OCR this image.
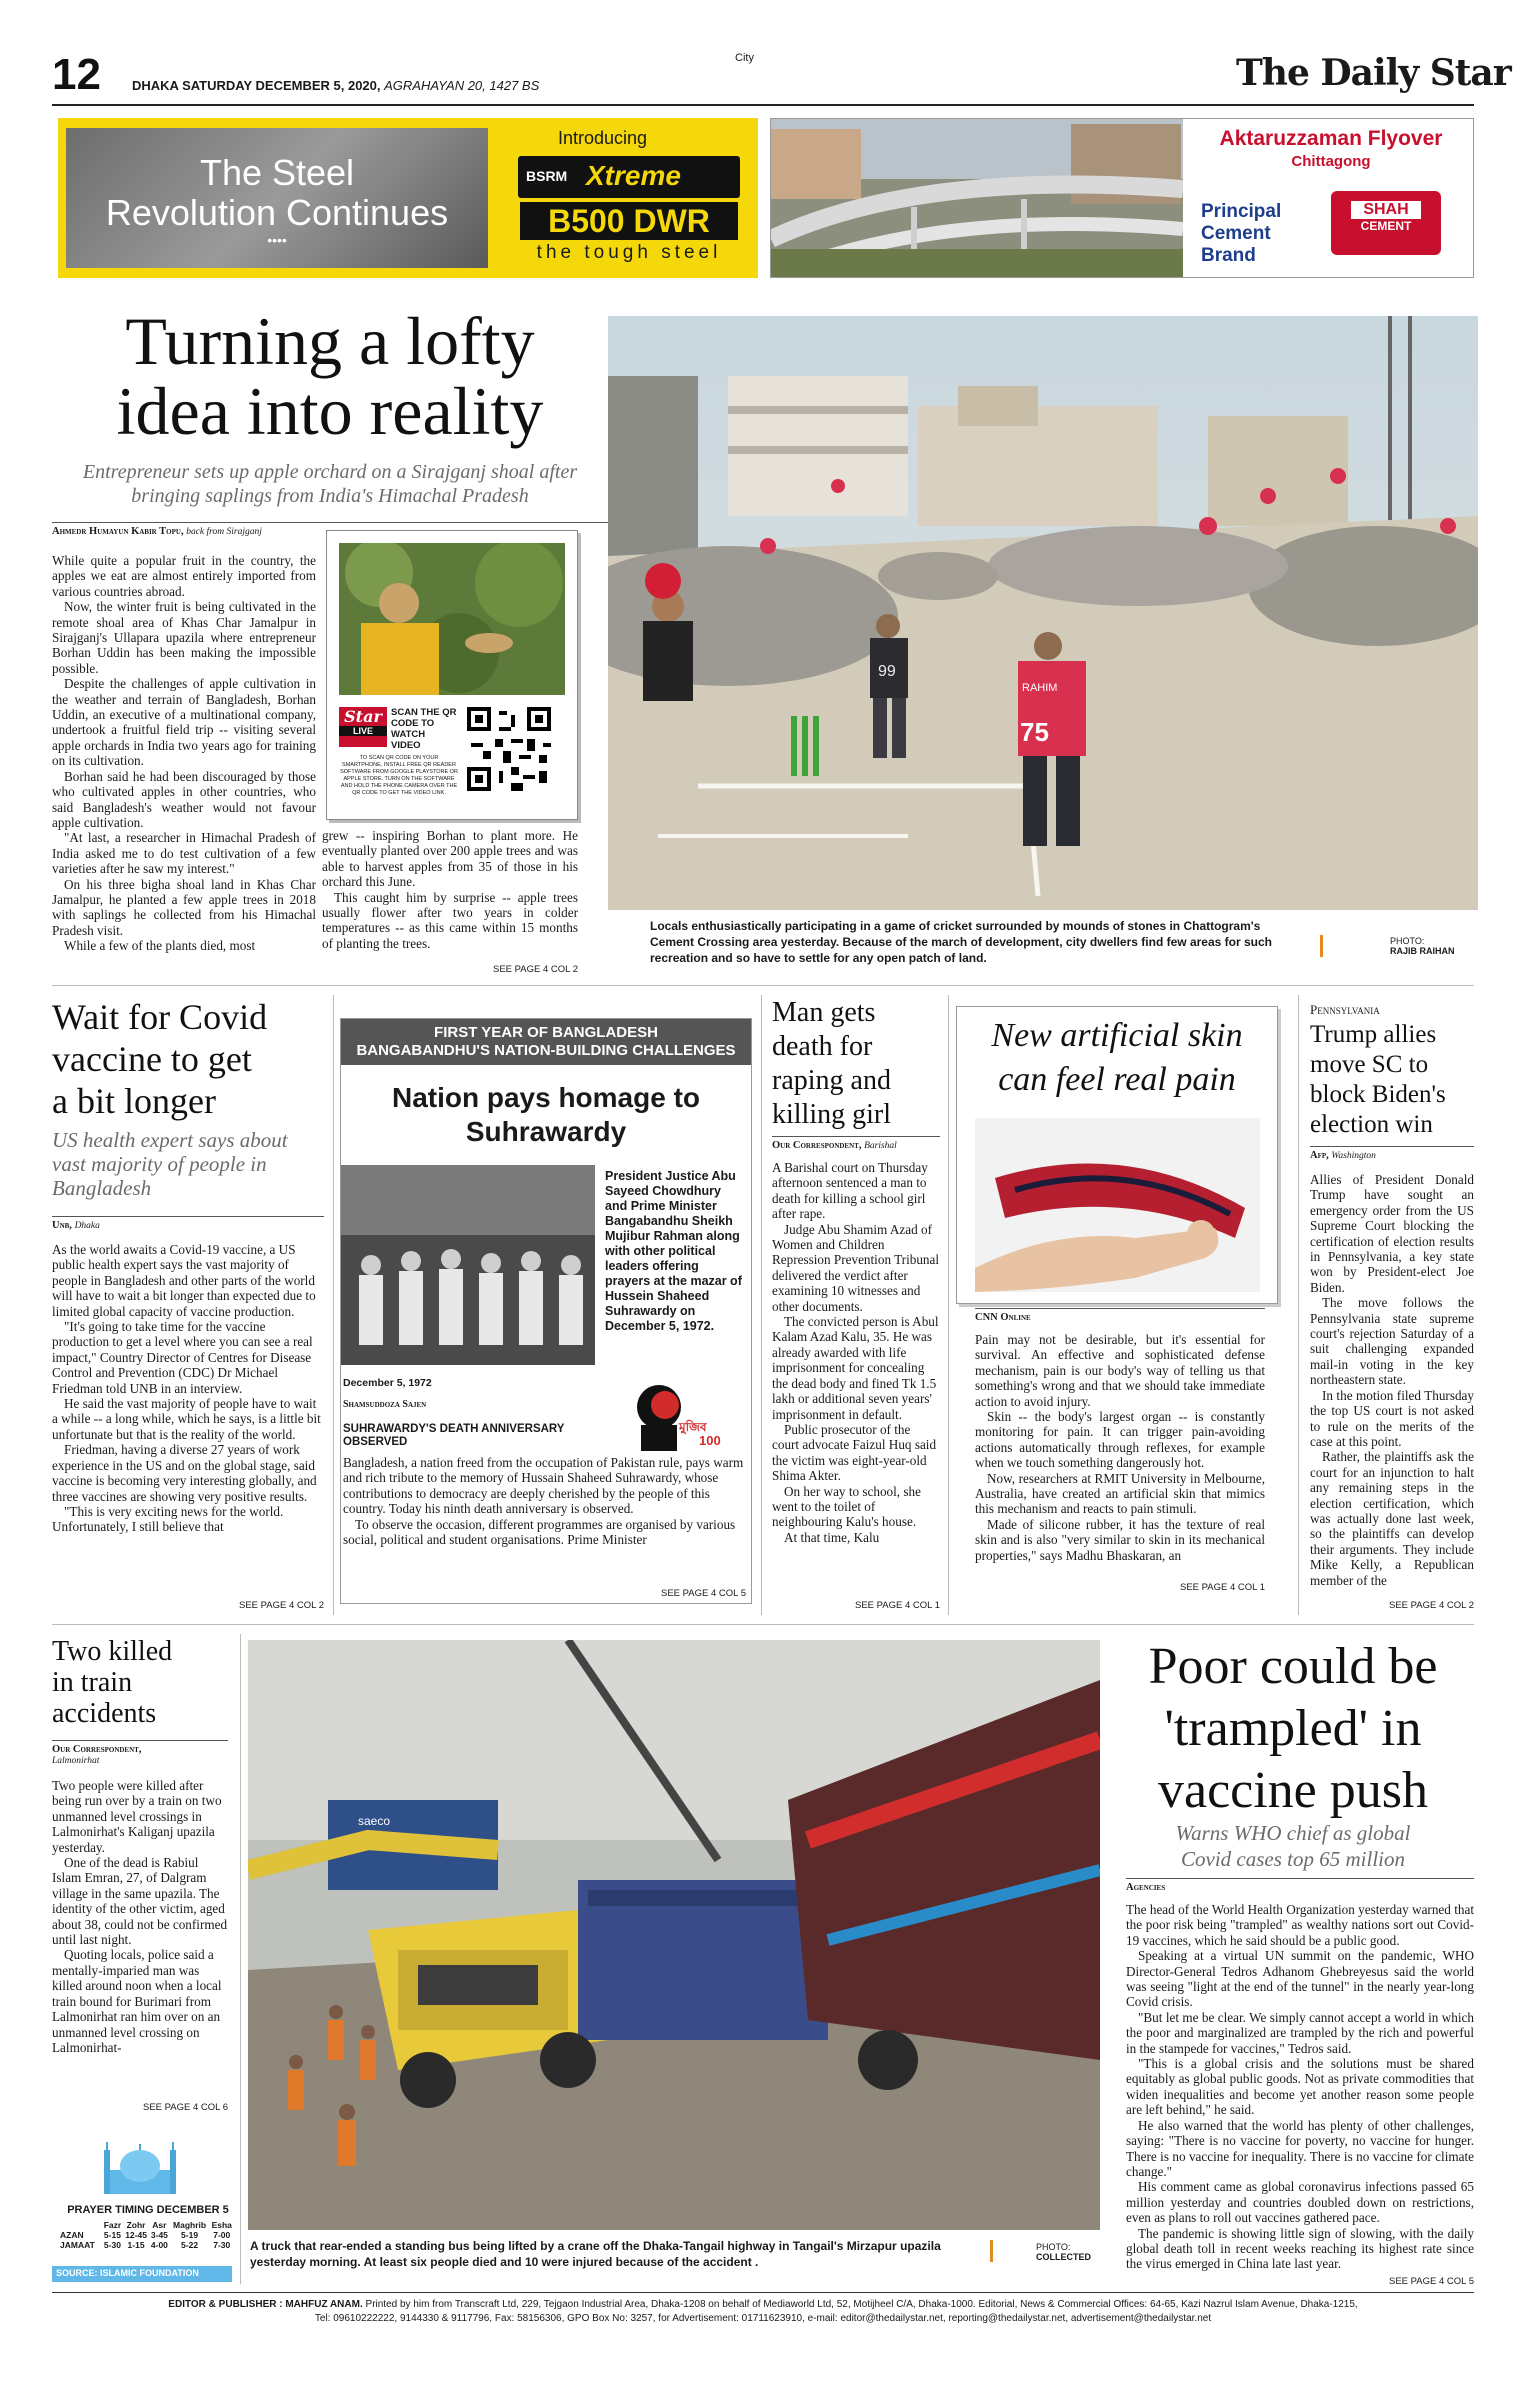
12 DHAKA SATURDAY DECEMBER 5, 2020, AGRAHAYAN 20, 1427 BS
City	The Daily Star
The Steel
Revolution Continues
••••
Introducing
BSRM Xtreme
B500 DWR
the tough steel
Aktaruzzaman Flyover
Chittagong
Principal
Cement
Brand
SHAH
CEMENT
Turning a lofty
idea into reality
Entrepreneur sets up apple orchard on a Sirajganj shoal after bringing saplings from India's Himachal Pradesh
Ahmedr Humayun Kabir Topu, back from Sirajganj

While quite a popular fruit in the country, the apples we eat are almost entirely imported from various countries abroad.

Now, the winter fruit is being cultivated in the remote shoal area of Khas Char Jamalpur in Sirajganj's Ullapara upazila where entrepreneur Borhan Uddin has been making the impossible possible.

Despite the challenges of apple cultivation in the weather and terrain of Bangladesh, Borhan Uddin, an executive of a multinational company, undertook a fruitful field trip -- visiting several apple orchards in India two years ago for training on its cultivation.

Borhan said he had been discouraged by those who cultivated apples in other countries, who said Bangladesh's weather would not favour apple cultivation.

"At last, a researcher in Himachal Pradesh of India asked me to do test cultivation of a few varieties after he saw my interest."

On his three bigha shoal land in Khas Char Jamalpur, he planted a few apple trees in 2018 with saplings he collected from his Himachal Pradesh visit.

While a few of the plants died, most

Star
LIVE
SCAN THE QR CODE TO WATCH VIDEO
TO SCAN QR CODE ON YOUR SMARTPHONE, INSTALL FREE QR READER SOFTWARE FROM GOOGLE PLAYSTORE OR APPLE STORE. TURN ON THE SOFTWARE AND HOLD THE PHONE CAMERA OVER THE QR CODE TO GET THE VIDEO LINK.

grew -- inspiring Borhan to plant more. He eventually planted over 200 apple trees and was able to harvest apples from 35 of those in his orchard this June.

This caught him by surprise -- apple trees usually flower after two years in colder temperatures -- as this came within 15 months of planting the trees.

SEE PAGE 4 COL 2
99
75
RAHIM
Locals enthusiastically participating in a game of cricket surrounded by mounds of stones in Chattogram's Cement Crossing area yesterday. Because of the march of development, city dwellers find few areas for such recreation and so have to settle for any open patch of land.
PHOTO:
RAJIB RAIHAN
Wait for Covid
vaccine to get
a bit longer
US health expert says about vast majority of people in Bangladesh
Unb, Dhaka

As the world awaits a Covid-19 vaccine, a US public health expert says the vast majority of people in Bangladesh and other parts of the world will have to wait a bit longer than expected due to limited global capacity of vaccine production.

"It's going to take time for the vaccine production to get a level where you can see a real impact," Country Director of Centres for Disease Control and Prevention (CDC) Dr Michael Friedman told UNB in an interview.

He said the vast majority of people have to wait a while -- a long while, which he says, is a little bit unfortunate but that is the reality of the world.

Friedman, having a diverse 27 years of work experience in the US and on the global stage, said vaccine is becoming very interesting globally, and three vaccines are showing very positive results.

"This is very exciting news for the world. Unfortunately, I still believe that

SEE PAGE 4 COL 2
FIRST YEAR OF BANGLADESH
BANGABANDHU'S NATION-BUILDING CHALLENGES
Nation pays homage to
Suhrawardy
President Justice Abu Sayeed Chowdhury and Prime Minister Bangabandhu Sheikh Mujibur Rahman along with other political leaders offering prayers at the mazar of Hussein Shaheed Suhrawardy on December 5, 1972.
December 5, 1972
Shamsuddoza Sajen
SUHRAWARDY'S DEATH ANNIVERSARY
OBSERVED
মুজিব
100

Bangladesh, a nation freed from the occupation of Pakistan rule, pays warm and rich tribute to the memory of Hussain Shaheed Suhrawardy, whose contributions to democracy are deeply cherished by the people of this country. Today his ninth death anniversary is observed.

To observe the occasion, different programmes are organised by various social, political and student organisations. Prime Minister

SEE PAGE 4 COL 5
Man gets
death for
raping and
killing girl
Our Correspondent, Barishal

A Barishal court on Thursday afternoon sentenced a man to death for killing a school girl after rape.

Judge Abu Shamim Azad of Women and Children Repression Prevention Tribunal delivered the verdict after examining 10 witnesses and other documents.

The convicted person is Abul Kalam Azad Kalu, 35. He was already awarded with life imprisonment for concealing the dead body and fined Tk 1.5 lakh or additional seven years' imprisonment in default.

Public prosecutor of the court advocate Faizul Huq said the victim was eight-year-old Shima Akter.

On her way to school, she went to the toilet of neighbouring Kalu's house.

At that time, Kalu

SEE PAGE 4 COL 1
New artificial skin
can feel real pain
CNN Online

Pain may not be desirable, but it's essential for survival. An effective and sophisticated defense mechanism, pain is our body's way of telling us that something's wrong and that we should take immediate action to avoid injury.

Skin -- the body's largest organ -- is constantly monitoring for pain. It can trigger pain-avoiding actions automatically through reflexes, for example when we touch something dangerously hot.

Now, researchers at RMIT University in Melbourne, Australia, have created an artificial skin that mimics this mechanism and reacts to pain stimuli.

Made of silicone rubber, it has the texture of real skin and is also "very similar to skin in its mechanical properties," says Madhu Bhaskaran, an

SEE PAGE 4 COL 1
Pennsylvania
Trump allies
move SC to
block Biden's
election win
Afp, Washington

Allies of President Donald Trump have sought an emergency order from the US Supreme Court blocking the certification of election results in Pennsylvania, a key state won by President-elect Joe Biden.

The move follows the Pennsylvania state supreme court's rejection Saturday of a suit challenging expanded mail-in voting in the key northeastern state.

In the motion filed Thursday the top US court is not asked to rule on the merits of the case at this point.

Rather, the plaintiffs ask the court for an injunction to halt any remaining steps in the election certification, which was actually done last week, so the plaintiffs can develop their arguments. They include Mike Kelly, a Republican member of the

SEE PAGE 4 COL 2
Two killed
in train
accidents
Our Correspondent,
Lalmonirhat

Two people were killed after being run over by a train on two unmanned level crossings in Lalmonirhat's Kaliganj upazila yesterday.

One of the dead is Rabiul Islam Emran, 27, of Dalgram village in the same upazila. The identity of the other victim, aged about 38, could not be confirmed until last night.

Quoting locals, police said a mentally-imparied man was killed around noon when a local train bound for Burimari from Lalmonirhat ran him over on an unmanned level crossing on Lalmonirhat-

SEE PAGE 4 COL 6
PRAYER TIMING DECEMBER 5
	Fazr	Zohr	Asr	Maghrib	Esha
AZAN	5-15	12-45	3-45	5-19	7-00
JAMAAT	5-30	1-15	4-00	5-22	7-30
SOURCE: ISLAMIC FOUNDATION
saeco
A truck that rear-ended a standing bus being lifted by a crane off the Dhaka-Tangail highway in Tangail's Mirzapur upazila yesterday morning. At least six people died and 10 were injured because of the accident .
PHOTO:
COLLECTED
Poor could be
'trampled' in
vaccine push
Warns WHO chief as global
Covid cases top 65 million
Agencies

The head of the World Health Organization yesterday warned that the poor risk being "trampled" as wealthy nations sort out Covid-19 vaccines, which he said should be a public good.

Speaking at a virtual UN summit on the pandemic, WHO Director-General Tedros Adhanom Ghebreyesus said the world was seeing "light at the end of the tunnel" in the nearly year-long Covid crisis.

"But let me be clear. We simply cannot accept a world in which the poor and marginalized are trampled by the rich and powerful in the stampede for vaccines," Tedros said.

"This is a global crisis and the solutions must be shared equitably as global public goods. Not as private commodities that widen inequalities and become yet another reason some people are left behind," he said.

He also warned that the world has plenty of other challenges, saying: "There is no vaccine for poverty, no vaccine for hunger. There is no vaccine for inequality. There is no vaccine for climate change."

His comment came as global coronavirus infections passed 65 million yesterday and countries doubled down on restrictions, even as plans to roll out vaccines gathered pace.

The pandemic is showing little sign of slowing, with the daily global death toll in recent weeks reaching its highest rate since the virus emerged in China late last year.

SEE PAGE 4 COL 5
EDITOR & PUBLISHER : MAHFUZ ANAM. Printed by him from Transcraft Ltd, 229, Tejgaon Industrial Area, Dhaka-1208 on behalf of Mediaworld Ltd, 52, Motijheel C/A, Dhaka-1000. Editorial, News & Commercial Offices: 64-65, Kazi Nazrul Islam Avenue, Dhaka-1215,
Tel: 09610222222, 9144330 & 9117796, Fax: 58156306, GPO Box No: 3257, for Advertisement: 01711623910, e-mail: editor@thedailystar.net, reporting@thedailystar.net, advertisement@thedailystar.net
